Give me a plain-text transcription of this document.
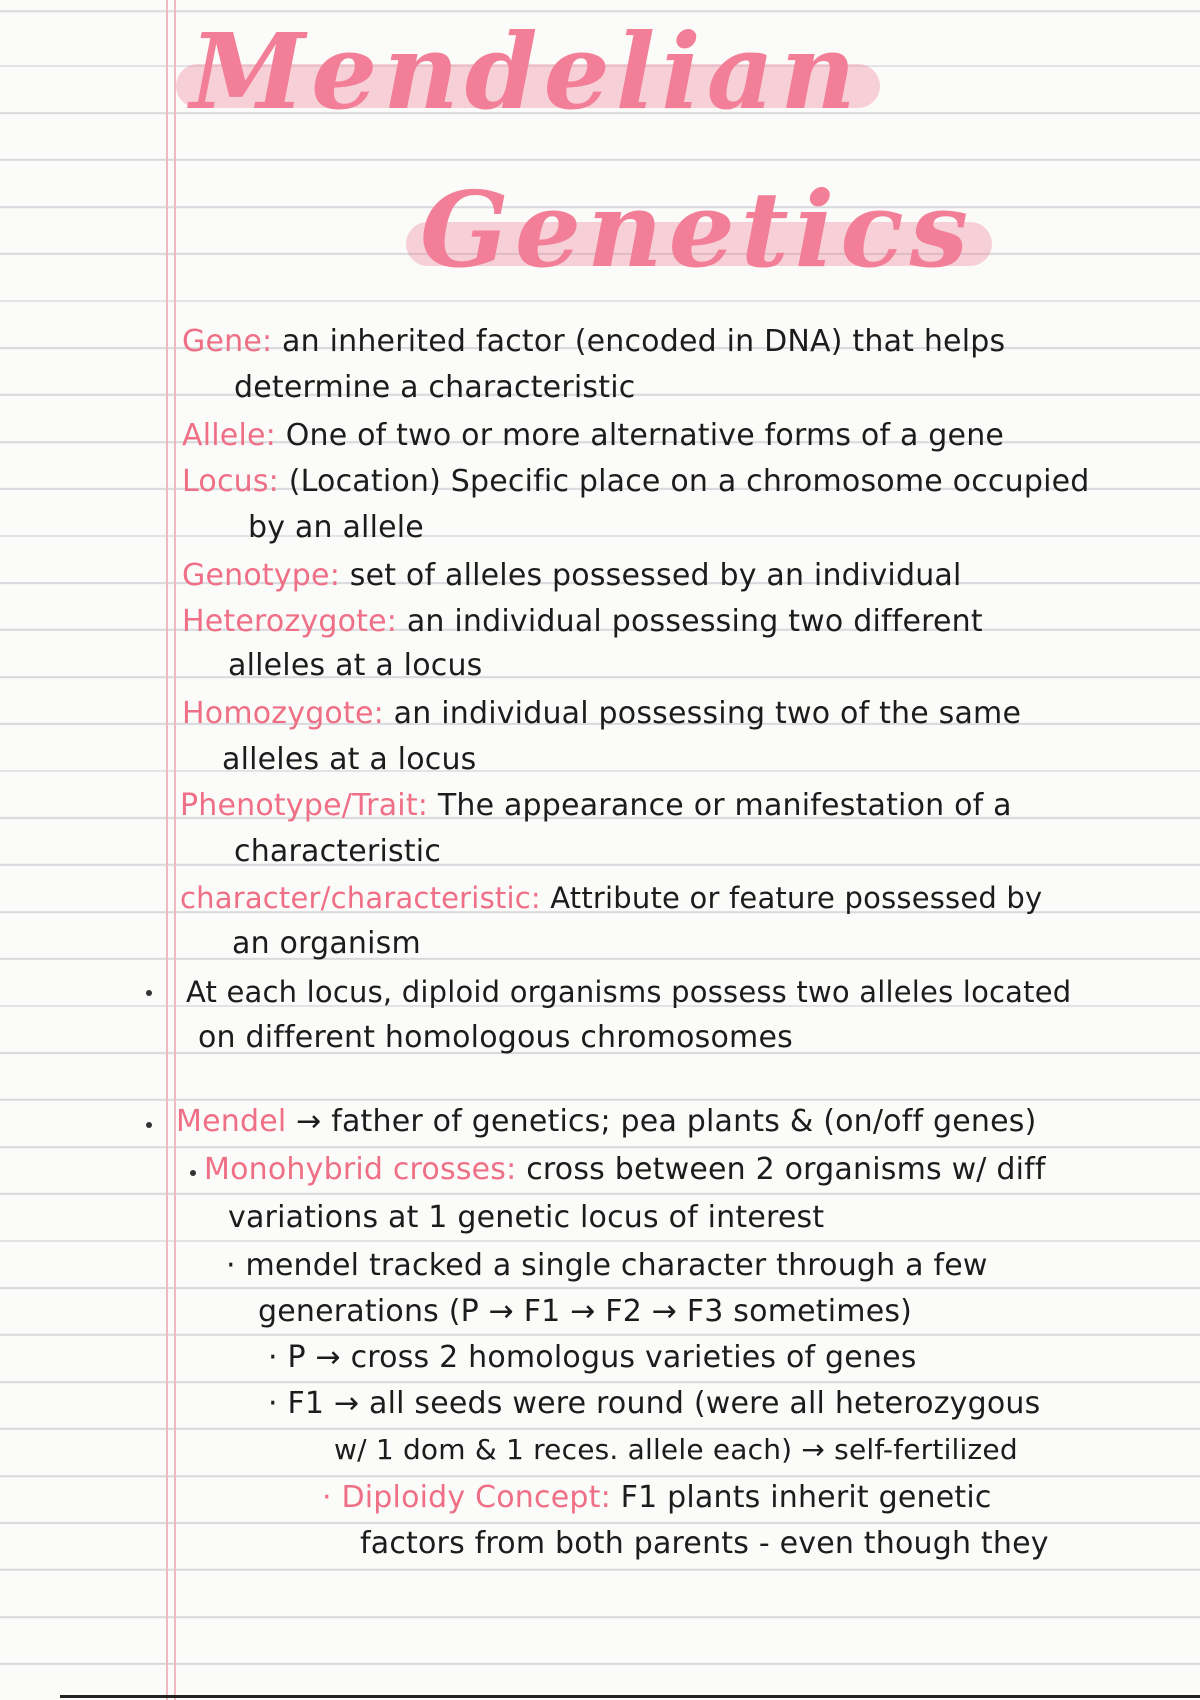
Mendelian
Genetics
Gene: an inherited factor (encoded in DNA) that helps
determine a characteristic
Allele: One of two or more alternative forms of a gene
Locus: (Location) Specific place on a chromosome occupied
by an allele
Genotype: set of alleles possessed by an individual
Heterozygote: an individual possessing two different
alleles at a locus
Homozygote: an individual possessing two of the same
alleles at a locus
Phenotype/Trait: The appearance or manifestation of a
characteristic
character/characteristic: Attribute or feature possessed by
an organism
At each locus, diploid organisms possess two alleles located
on different homologous chromosomes
Mendel → father of genetics; pea plants & (on/off genes)
Monohybrid crosses: cross between 2 organisms w/ diff
variations at 1 genetic locus of interest
· mendel tracked a single character through a few
generations (P → F1 → F2 → F3 sometimes)
· P → cross 2 homologus varieties of genes
· F1 → all seeds were round (were all heterozygous
w/ 1 dom & 1 reces. allele each) → self-fertilized
· Diploidy Concept: F1 plants inherit genetic
factors from both parents - even though they
